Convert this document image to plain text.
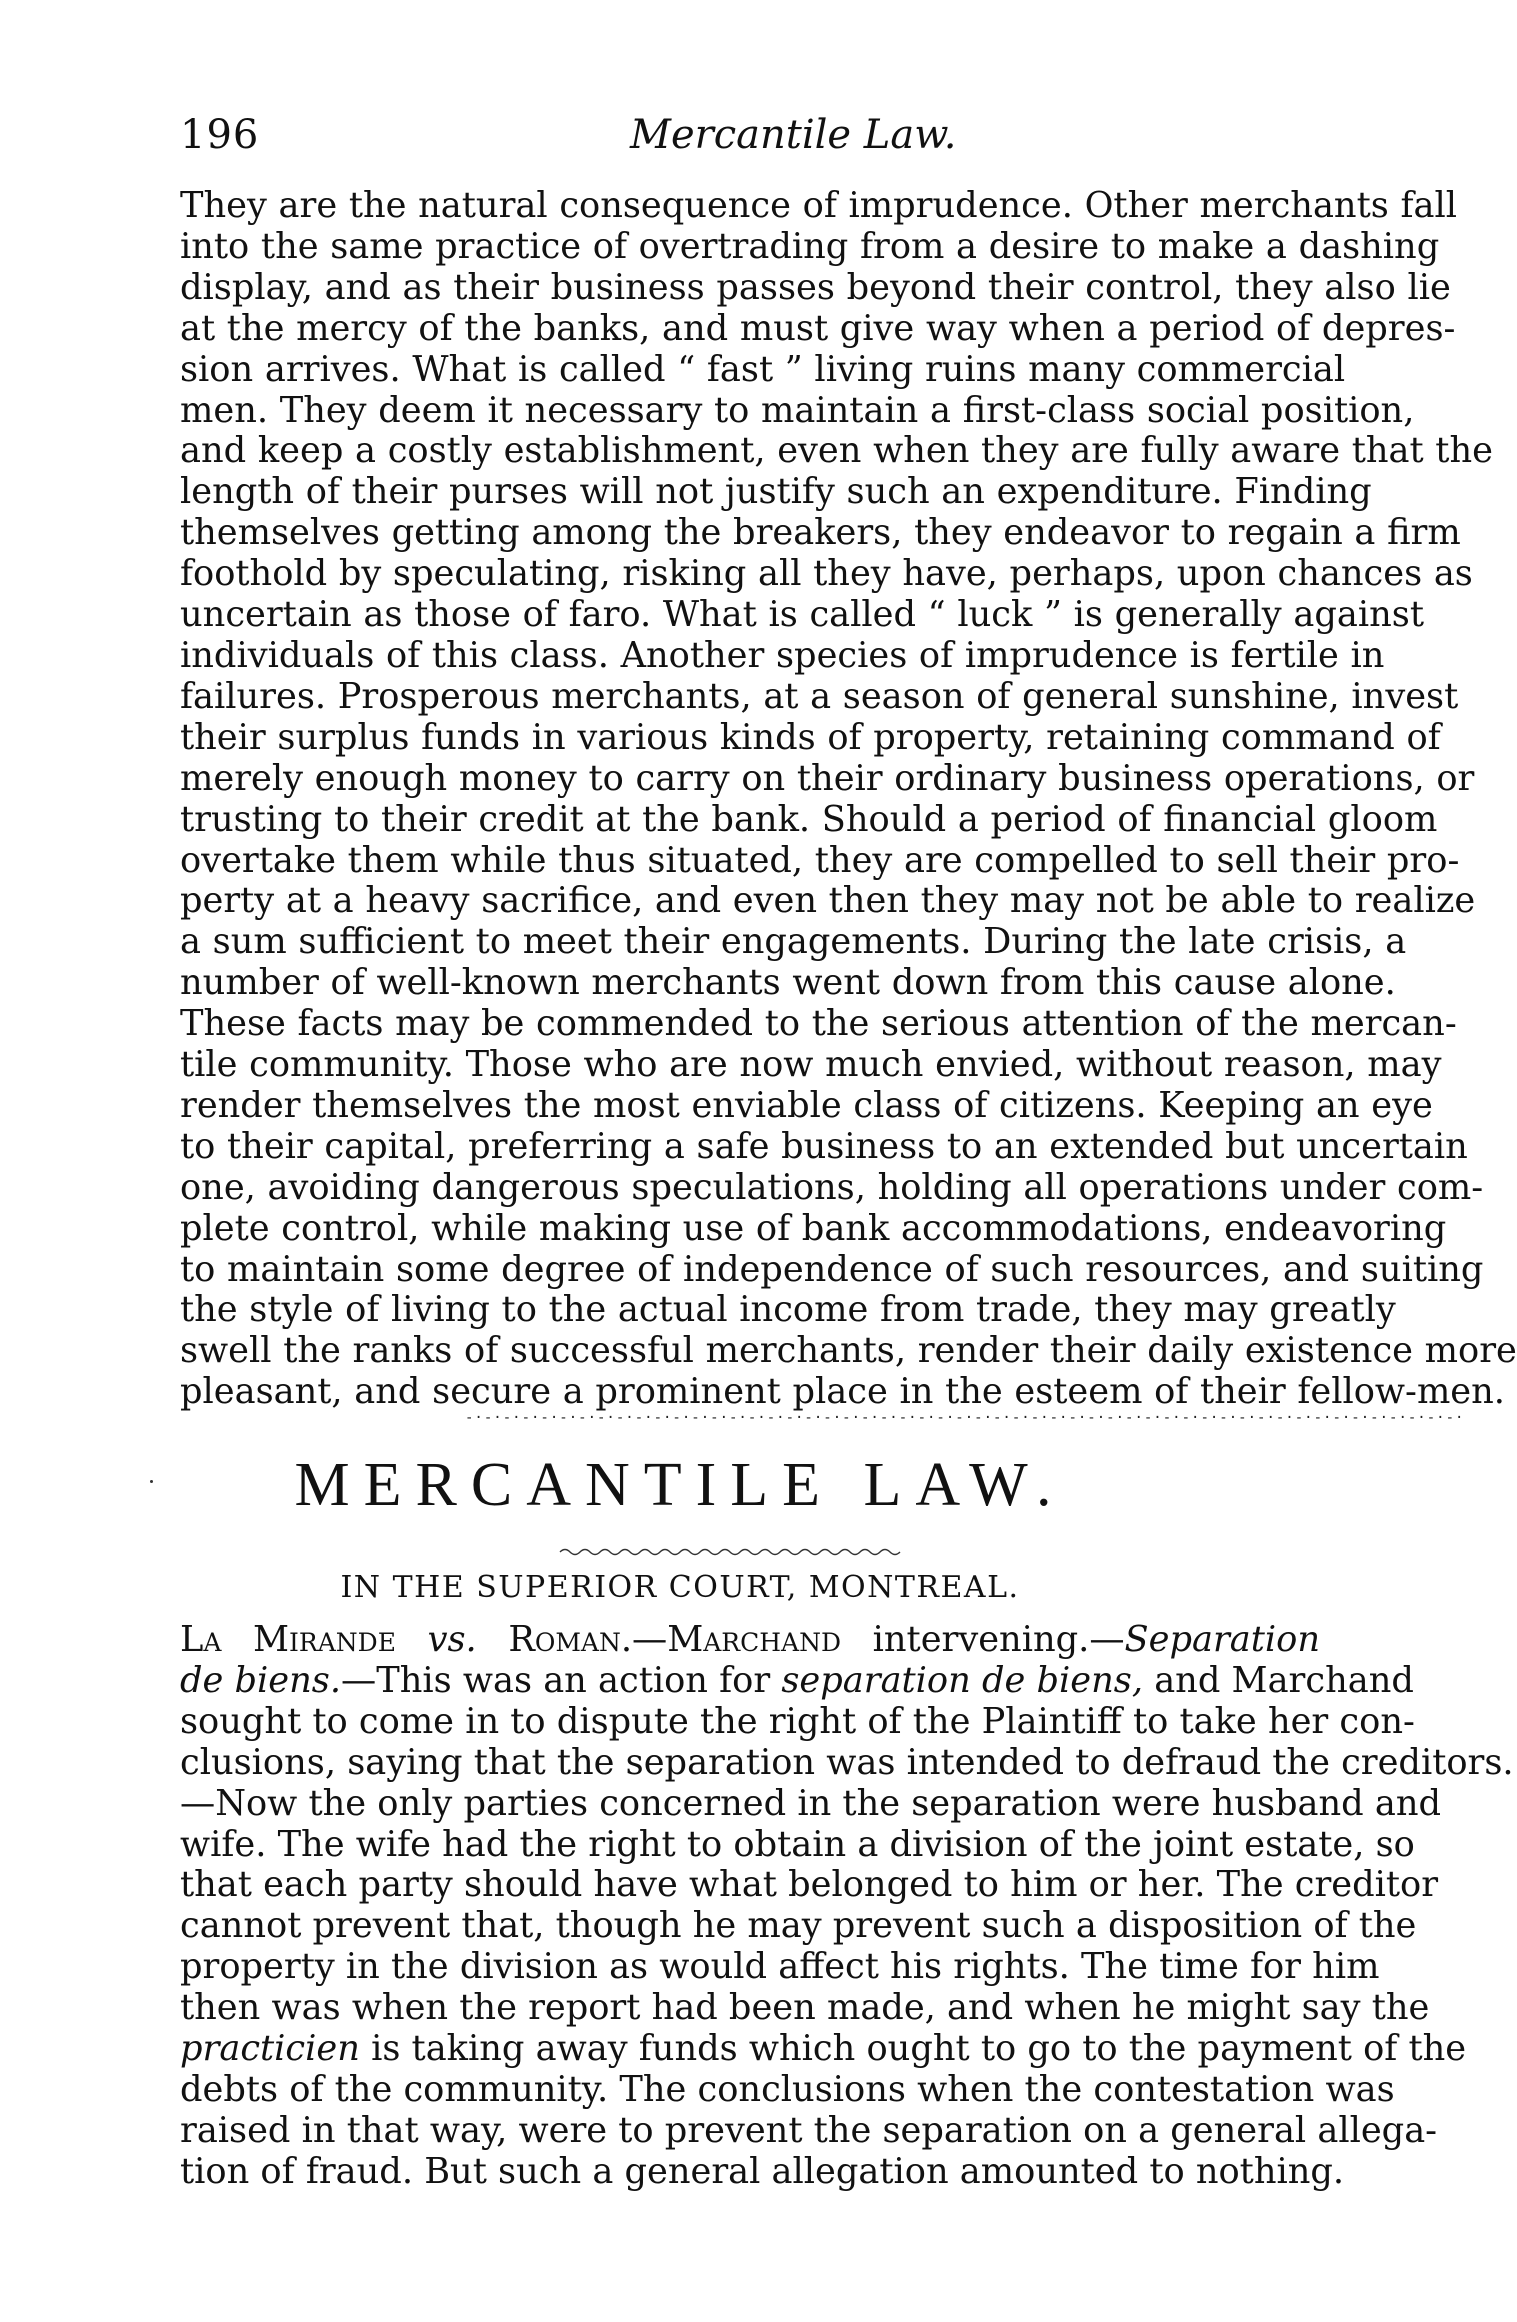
196	Mercantile Law.
They are the natural consequence of imprudence. Other merchants fall
into the same practice of overtrading from a desire to make a dashing
display, and as their business passes beyond their control, they also lie
at the mercy of the banks, and must give way when a period of depres-
sion arrives. What is called “ fast ” living ruins many commercial
men. They deem it necessary to maintain a first-class social position,
and keep a costly establishment, even when they are fully aware that the
length of their purses will not justify such an expenditure. Finding
themselves getting among the breakers, they endeavor to regain a firm
foothold by speculating, risking all they have, perhaps, upon chances as
uncertain as those of faro. What is called “ luck ” is generally against
individuals of this class. Another species of imprudence is fertile in
failures. Prosperous merchants, at a season of general sunshine, invest
their surplus funds in various kinds of property, retaining command of
merely enough money to carry on their ordinary business operations, or
trusting to their credit at the bank. Should a period of financial gloom
overtake them while thus situated, they are compelled to sell their pro-
perty at a heavy sacrifice, and even then they may not be able to realize
a sum sufficient to meet their engagements. During the late crisis, a
number of well-known merchants went down from this cause alone.
These facts may be commended to the serious attention of the mercan-
tile community. Those who are now much envied, without reason, may
render themselves the most enviable class of citizens. Keeping an eye
to their capital, preferring a safe business to an extended but uncertain
one, avoiding dangerous speculations, holding all operations under com-
plete control, while making use of bank accommodations, endeavoring
to maintain some degree of independence of such resources, and suiting
the style of living to the actual income from trade, they may greatly
swell the ranks of successful merchants, render their daily existence more
pleasant, and secure a prominent place in the esteem of their fellow-men.
-·-·-·-·-·-·-·-·-·-·-·-·-·-·-·-·-·-·-·-·-·-·-·-·-·-·-·-·-·-·-·-·-·-·-·-·-·-·-·-·-·-·-·-·-·-·-·-·-·-·-·-·-·
MERCANTILE LAW.
IN THE SUPERIOR COURT, MONTREAL.
La Mirande vs. Roman.—Marchand intervening.—Separation
de biens.—This was an action for separation de biens, and Marchand
sought to come in to dispute the right of the Plaintiff to take her con-
clusions, saying that the separation was intended to defraud the creditors.
—Now the only parties concerned in the separation were husband and
wife. The wife had the right to obtain a division of the joint estate, so
that each party should have what belonged to him or her. The creditor
cannot prevent that, though he may prevent such a disposition of the
property in the division as would affect his rights. The time for him
then was when the report had been made, and when he might say the
practicien is taking away funds which ought to go to the payment of the
debts of the community. The conclusions when the contestation was
raised in that way, were to prevent the separation on a general allega-
tion of fraud. But such a general allegation amounted to nothing.
